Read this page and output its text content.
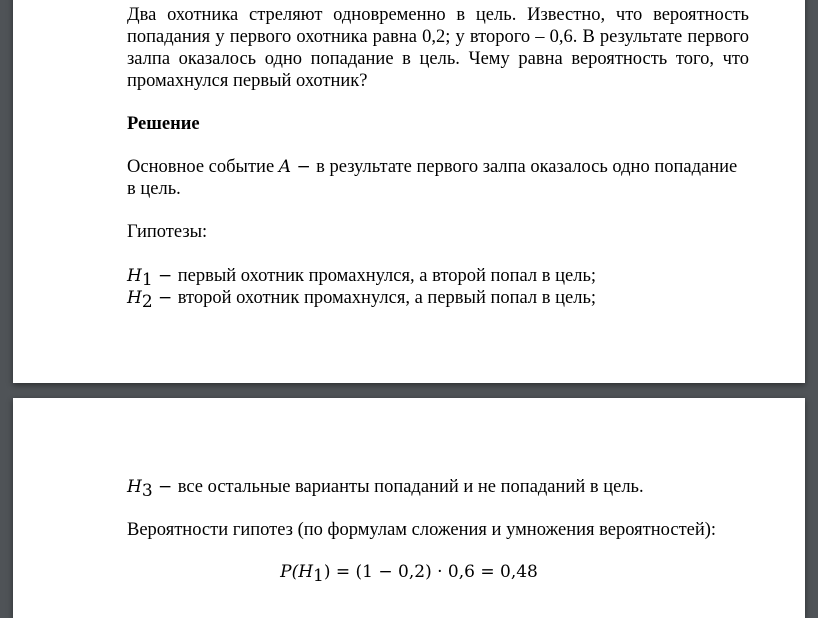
Два охотника стреляют одновременно в цель. Известно, что вероятность попадания у первого охотника равна 0,2; у второго – 0,6. В результате первого залпа оказалось одно попадание в цель. Чему равна вероятность того, что промахнулся первый охотник?

Решение

Основное событие A − в результате первого залпа оказалось одно попадание в цель.

Гипотезы:

$H_1$ − первый охотник промахнулся, а второй попал в цель;

$H_2$ − второй охотник промахнулся, а первый попал в цель;

$H_3$ − все остальные варианты попаданий и не попаданий в цель.

Вероятности гипотез (по формулам сложения и умножения вероятностей):

$P(H_1) = (1 - 0,2) \cdot 0,6 = 0,48$
